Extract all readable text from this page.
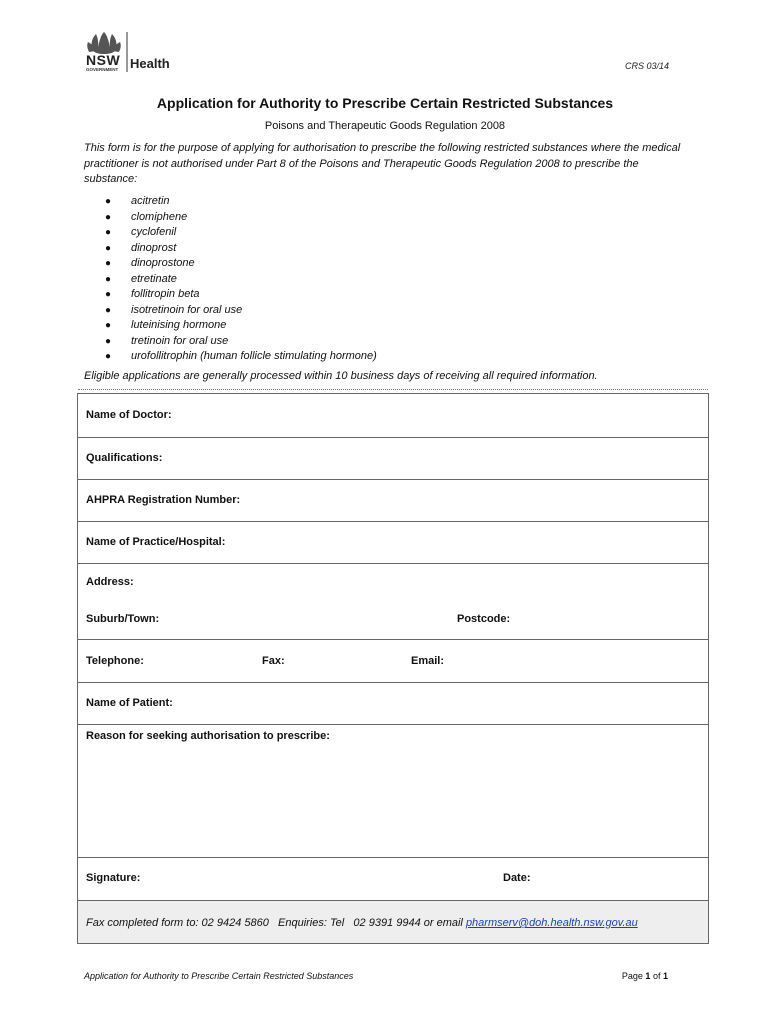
NSW
GOVERNMENT Health	CRS 03/14
Application for Authority to Prescribe Certain Restricted Substances
Poisons and Therapeutic Goods Regulation 2008
This form is for the purpose of applying for authorisation to prescribe the following restricted substances where the medical practitioner is not authorised under Part 8 of the Poisons and Therapeutic Goods Regulation 2008 to prescribe the substance:
● acitretin
● clomiphene
● cyclofenil
● dinoprost
● dinoprostone
● etretinate
● follitropin beta
● isotretinoin for oral use
● luteinising hormone
● tretinoin for oral use
● urofollitrophin (human follicle stimulating hormone)
Eligible applications are generally processed within 10 business days of receiving all required information.
Name of Doctor:
Qualifications:
AHPRA Registration Number:
Name of Practice/Hospital:
Address:
Suburb/Town:	Postcode:
Telephone:	Fax:	Email:
Name of Patient:
Reason for seeking authorisation to prescribe:
Signature:	Date:
Fax completed form to: 02 9424 5860   Enquiries: Tel   02 9391 9944 or email pharmserv@doh.health.nsw.gov.au
Application for Authority to Prescribe Certain Restricted Substances	Page 1 of 1
